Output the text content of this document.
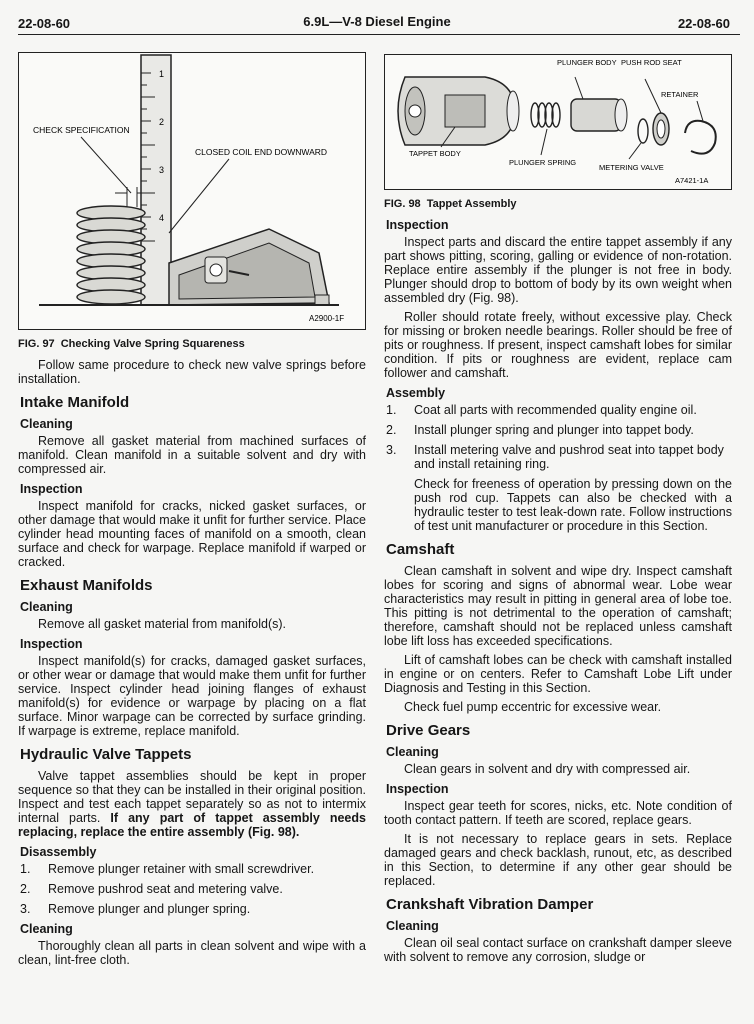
22-08-60	6.9L—V-8 Diesel Engine	22-08-60
1
2
3
4
CHECK SPECIFICATION
CLOSED COIL END DOWNWARD
A2900-1F
FIG. 97 Checking Valve Spring Squareness

Follow same procedure to check new valve springs before installation.

Intake Manifold
Cleaning

Remove all gasket material from machined surfaces of manifold. Clean manifold in a suitable solvent and dry with compressed air.

Inspection

Inspect manifold for cracks, nicked gasket surfaces, or other damage that would make it unfit for further service. Place cylinder head mounting faces of manifold on a smooth, clean surface and check for warpage. Replace manifold if warped or cracked.

Exhaust Manifolds
Cleaning

Remove all gasket material from manifold(s).

Inspection

Inspect manifold(s) for cracks, damaged gasket surfaces, or other wear or damage that would make them unfit for further service. Inspect cylinder head joining flanges of exhaust manifold(s) for evidence or warpage by placing on a flat surface. Minor warpage can be corrected by surface grinding. If warpage is extreme, replace manifold.

Hydraulic Valve Tappets

Valve tappet assemblies should be kept in proper sequence so that they can be installed in their original position. Inspect and test each tappet separately so as not to intermix internal parts. If any part of tappet assembly needs replacing, replace the entire assembly (Fig. 98).

Disassembly
1.	Remove plunger retainer with small screwdriver.
2.	Remove pushrod seat and metering valve.
3.	Remove plunger and plunger spring.
Cleaning

Thoroughly clean all parts in clean solvent and wipe with a clean, lint-free cloth.

PLUNGER BODY PUSH ROD SEAT
RETAINER
TAPPET BODY
PLUNGER SPRING
METERING VALVE
A7421-1A
FIG. 98 Tappet Assembly
Inspection

Inspect parts and discard the entire tappet assembly if any part shows pitting, scoring, galling or evidence of non-rotation. Replace entire assembly if the plunger is not free in body. Plunger should drop to bottom of body by its own weight when assembled dry (Fig. 98).

Roller should rotate freely, without excessive play. Check for missing or broken needle bearings. Roller should be free of pits or roughness. If present, inspect camshaft lobes for similar condition. If pits or roughness are evident, replace cam follower and camshaft.

Assembly
1.	Coat all parts with recommended quality engine oil.
2.	Install plunger spring and plunger into tappet body.
3.	Install metering valve and pushrod seat into tappet body and install retaining ring.

Check for freeness of operation by pressing down on the push rod cup. Tappets can also be checked with a hydraulic tester to test leak-down rate. Follow instructions of test unit manufacturer or procedure in this Section.

Camshaft

Clean camshaft in solvent and wipe dry. Inspect camshaft lobes for scoring and signs of abnormal wear. Lobe wear characteristics may result in pitting in general area of lobe toe. This pitting is not detrimental to the operation of camshaft; therefore, camshaft should not be replaced unless camshaft lobe lift loss has exceeded specifications.

Lift of camshaft lobes can be check with camshaft installed in engine or on centers. Refer to Camshaft Lobe Lift under Diagnosis and Testing in this Section.

Check fuel pump eccentric for excessive wear.

Drive Gears
Cleaning

Clean gears in solvent and dry with compressed air.

Inspection

Inspect gear teeth for scores, nicks, etc. Note condition of tooth contact pattern. If teeth are scored, replace gears.

It is not necessary to replace gears in sets. Replace damaged gears and check backlash, runout, etc, as described in this Section, to determine if any other gear should be replaced.

Crankshaft Vibration Damper
Cleaning

Clean oil seal contact surface on crankshaft damper sleeve with solvent to remove any corrosion, sludge or
